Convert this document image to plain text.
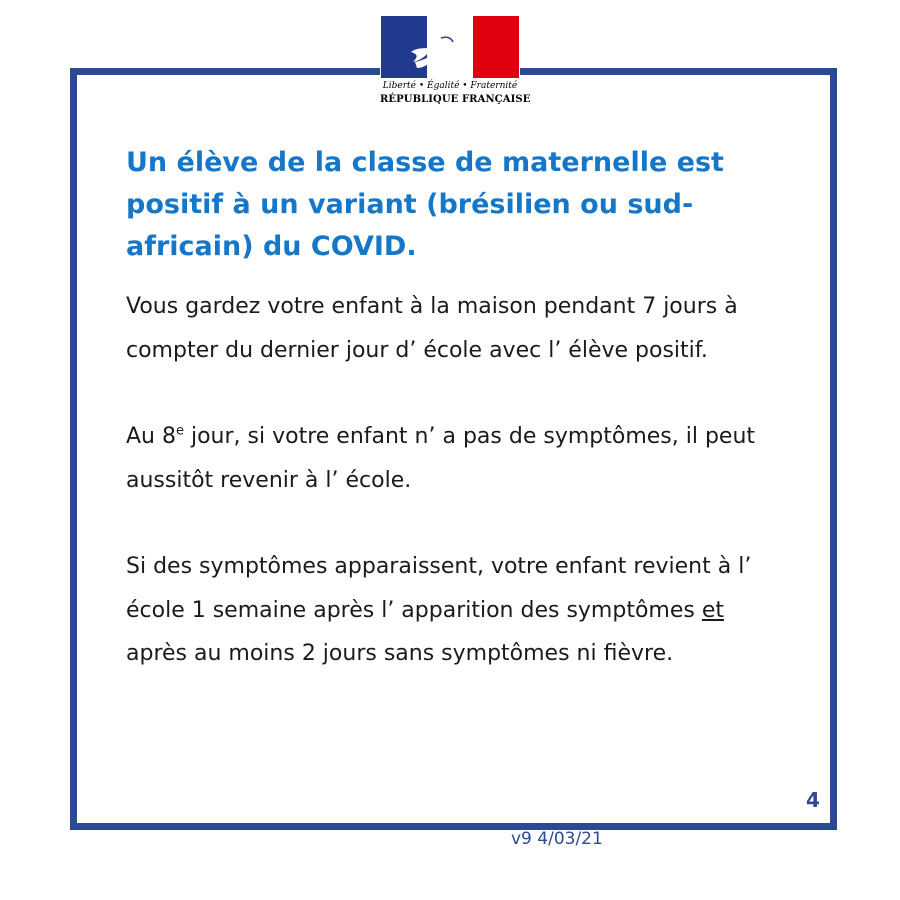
Liberté • Égalité • Fraternité
RÉPUBLIQUE FRANÇAISE
Un élève de la classe de maternelle est positif à un variant (brésilien ou sud-africain) du COVID.

Vous gardez votre enfant à la maison pendant 7 jours à compter du dernier jour d’ école avec l’ élève positif.

Au 8e jour, si votre enfant n’ a pas de symptômes, il peut aussitôt revenir à l’ école.

Si des symptômes apparaissent, votre enfant revient à l’ école 1 semaine après l’ apparition des symptômes et après au moins 2 jours sans symptômes ni fièvre.

4
v9 4/03/21
